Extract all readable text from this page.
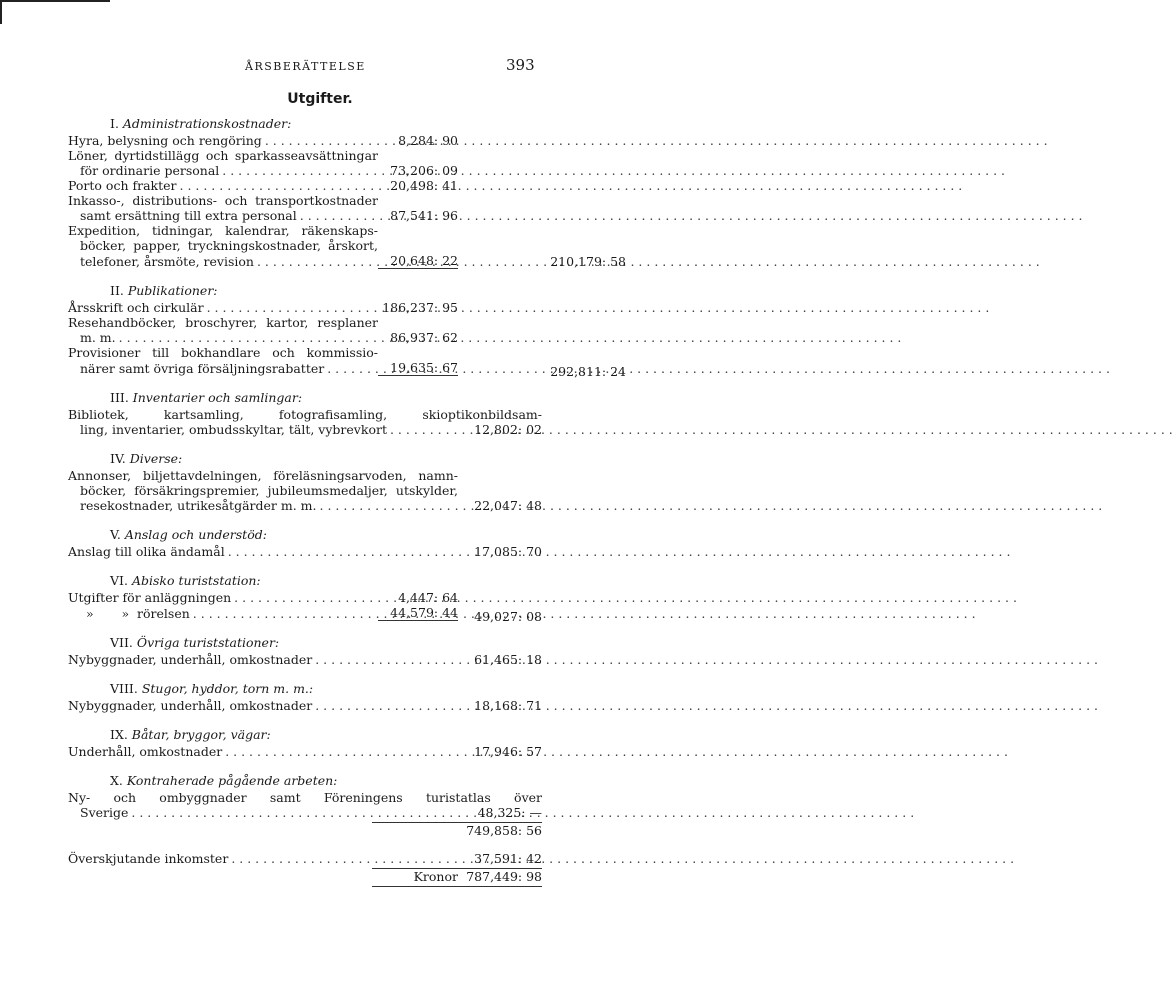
ÅRSBERÄTTELSE	393
Utgifter.
I. Administrationskostnader:
Hyra, belysning och rengöring . . .	8,284: 90
Löner, dyrtidstillägg och sparkasseavsättningar
för ordinarie personal . . .	73,206: 09
Porto och frakter . . .	20,498: 41
Inkasso-, distributions- och transportkostnader
samt ersättning till extra personal . . .	87,541: 96
Expedition, tidningar, kalendrar, räkenskaps-
böcker, papper, tryckningskostnader, årskort,
telefoner, årsmöte, revision . . .	20,648: 22	210,179: 58
II. Publikationer:
Årsskrift och cirkulär . . .	186,237: 95
Resehandböcker, broschyrer, kartor, resplaner
m. m. . . .	86,937: 62
Provisioner till bokhandlare och kommissio-
närer samt övriga försäljningsrabatter . . .	19,635: 67	292,811: 24
III. Inventarier och samlingar:
Bibliotek, kartsamling, fotografisamling, skioptikonbildsam-
ling, inventarier, ombudsskyltar, tält, vybrevkort . . .	12,802: 02
IV. Diverse:
Annonser, biljettavdelningen, föreläsningsarvoden, namn-
böcker, försäkringspremier, jubileumsmedaljer, utskylder,
resekostnader, utrikesåtgärder m. m. . . .	22,047: 48
V. Anslag och understöd:
Anslag till olika ändamål . . .	17,085: 70
VI. Abisko turiststation:
Utgifter för anläggningen . . .	4,447: 64
»       »  rörelsen . . .	44,579: 44	49,027: 08
VII. Övriga turiststationer:
Nybyggnader, underhåll, omkostnader . . .	61,465: 18
VIII. Stugor, hyddor, torn m. m.:
Nybyggnader, underhåll, omkostnader . . .	18,168: 71
IX. Båtar, bryggor, vägar:
Underhåll, omkostnader . . .	17,946: 57
X. Kontraherade pågående arbeten:
Ny- och ombyggnader samt Föreningens turistatlas över
Sverige . . .	48,325: —
749,858: 56
Överskjutande inkomster . . .	37,591: 42
Kronor 787,449: 98
